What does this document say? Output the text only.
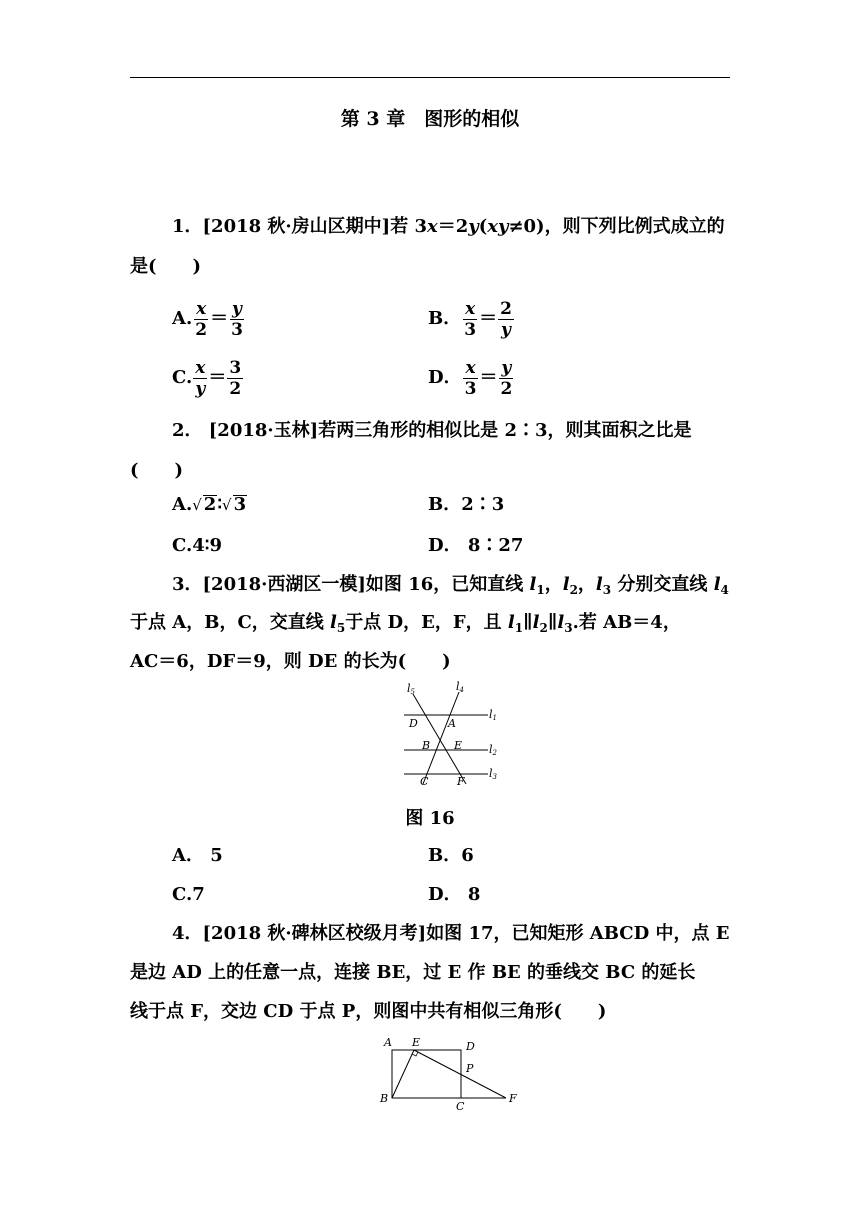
第 3 章　图形的相似
1．[2018 秋·房山区期中]若 3x＝2y(xy≠0)，则下列比例式成立的
是(　　)
A. $\frac{x}{2} = \frac{y}{3}$	B． $\frac{x}{3} = \frac{2}{y}$
C. $\frac{x}{y} = \frac{3}{2}$	D． $\frac{x}{3} = \frac{y}{2}$
2． [2018·玉林]若两三角形的相似比是 2∶3，则其面积之比是
(　　)
A.√ 2∶√ 3	B．2∶3
C.4∶9	D． 8∶27
3．[2018·西湖区一模]如图 16，已知直线 $l_1$，$l_2$，$l_3$ 分别交直线 $l_4$
于点 A，B，C，交直线 $l_5$于点 D，E，F，且 $l_1\parallel l_2\parallel l_3$.若 AB＝4，
AC＝6，DF＝9，则 DE 的长为(　　)
l5	l4
l1
l2
l3
D	A
B E
C	F
图 16
A． 5	B．6
C.7	D． 8
4．[2018 秋·碑林区校级月考]如图 17，已知矩形 ABCD 中，点 E
是边 AD 上的任意一点，连接 BE，过 E 作 BE 的垂线交 BC 的延长
线于点 F，交边 CD 于点 P，则图中共有相似三角形(　　)
A E	D
P
B
C
F
